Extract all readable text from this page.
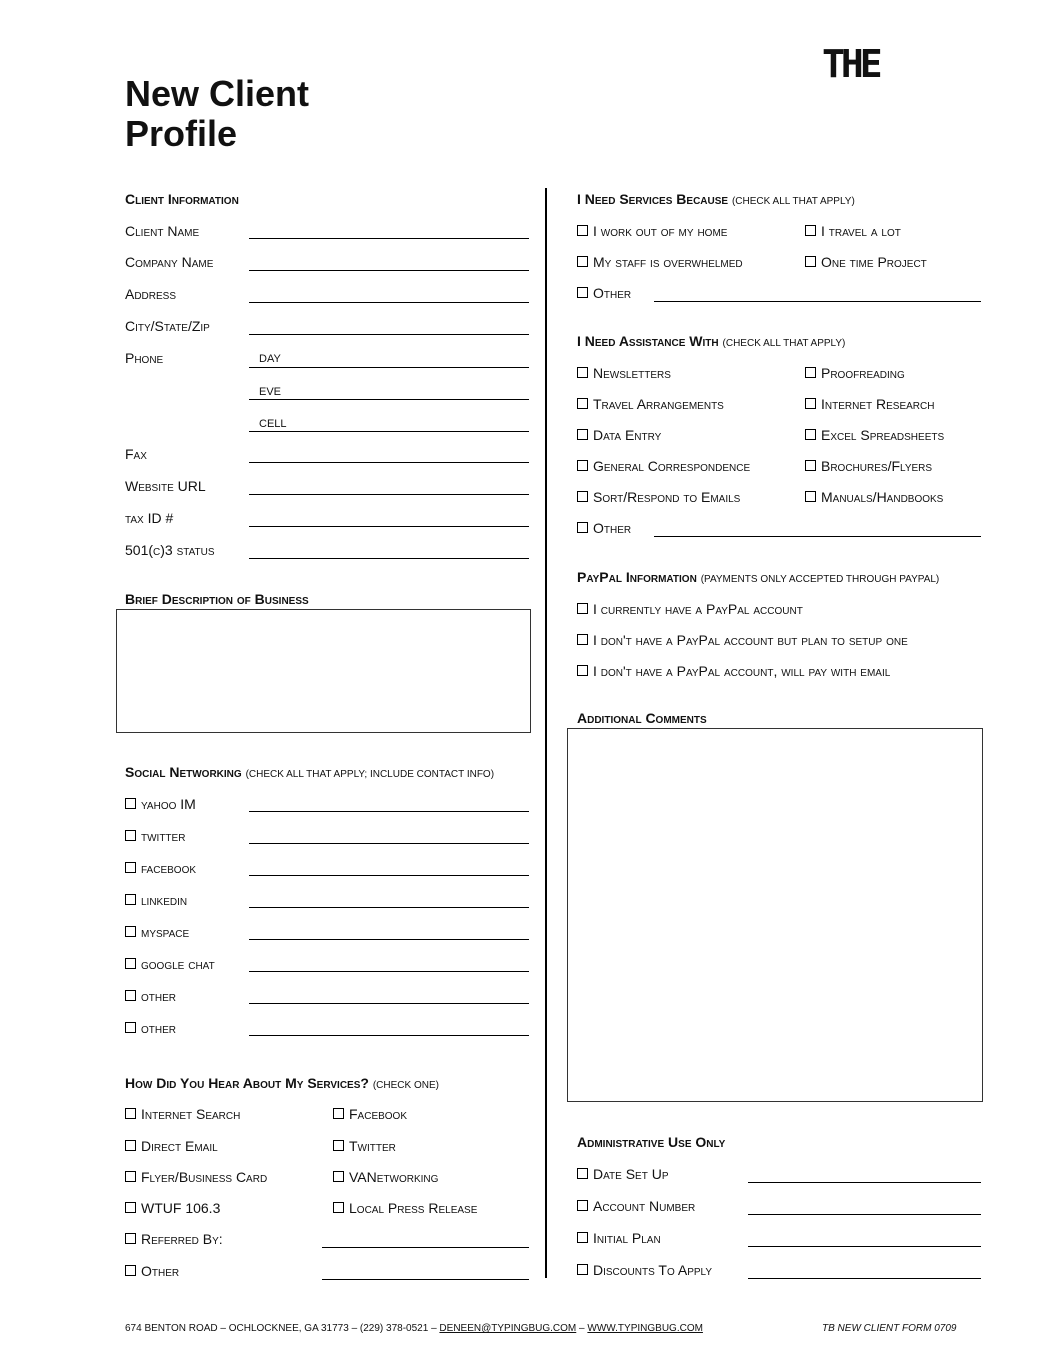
New Client
Profile
THE
Client Information
Client Name
Company Name
Address
City/State/Zip
Phone	DAY
EVE
CELL
Fax
Website URL
tax ID #
501(c)3 status
Brief Description of Business
Social Networking (CHECK ALL THAT APPLY; INCLUDE CONTACT INFO)
yahoo IM
twitter
facebook
linkedin
myspace
google chat
other
other
How Did You Hear About My Services? (CHECK ONE)
Internet Search
Direct Email
Flyer/Business Card
WTUF 106.3
Referred By:
Other
Facebook
Twitter
VANetworking
Local Press Release
I Need Services Because (CHECK ALL THAT APPLY)
I work out of my home
My staff is overwhelmed
I travel a lot
One time Project
Other
I Need Assistance With (CHECK ALL THAT APPLY)
Newsletters
Travel Arrangements
Data Entry
General Correspondence
Sort/Respond to Emails
Proofreading
Internet Research
Excel Spreadsheets
Brochures/Flyers
Manuals/Handbooks
Other
PayPal Information (PAYMENTS ONLY ACCEPTED THROUGH PAYPAL)
I currently have a PayPal account
I don't have a PayPal account but plan to setup one
I don't have a PayPal account, will pay with email
Additional Comments
Administrative Use Only
Date Set Up
Account Number
Initial Plan
Discounts To Apply
674 BENTON ROAD – OCHLOCKNEE, GA 31773 – (229) 378-0521 – DENEEN@TYPINGBUG.COM – WWW.TYPINGBUG.COM	TB NEW CLIENT FORM 0709
